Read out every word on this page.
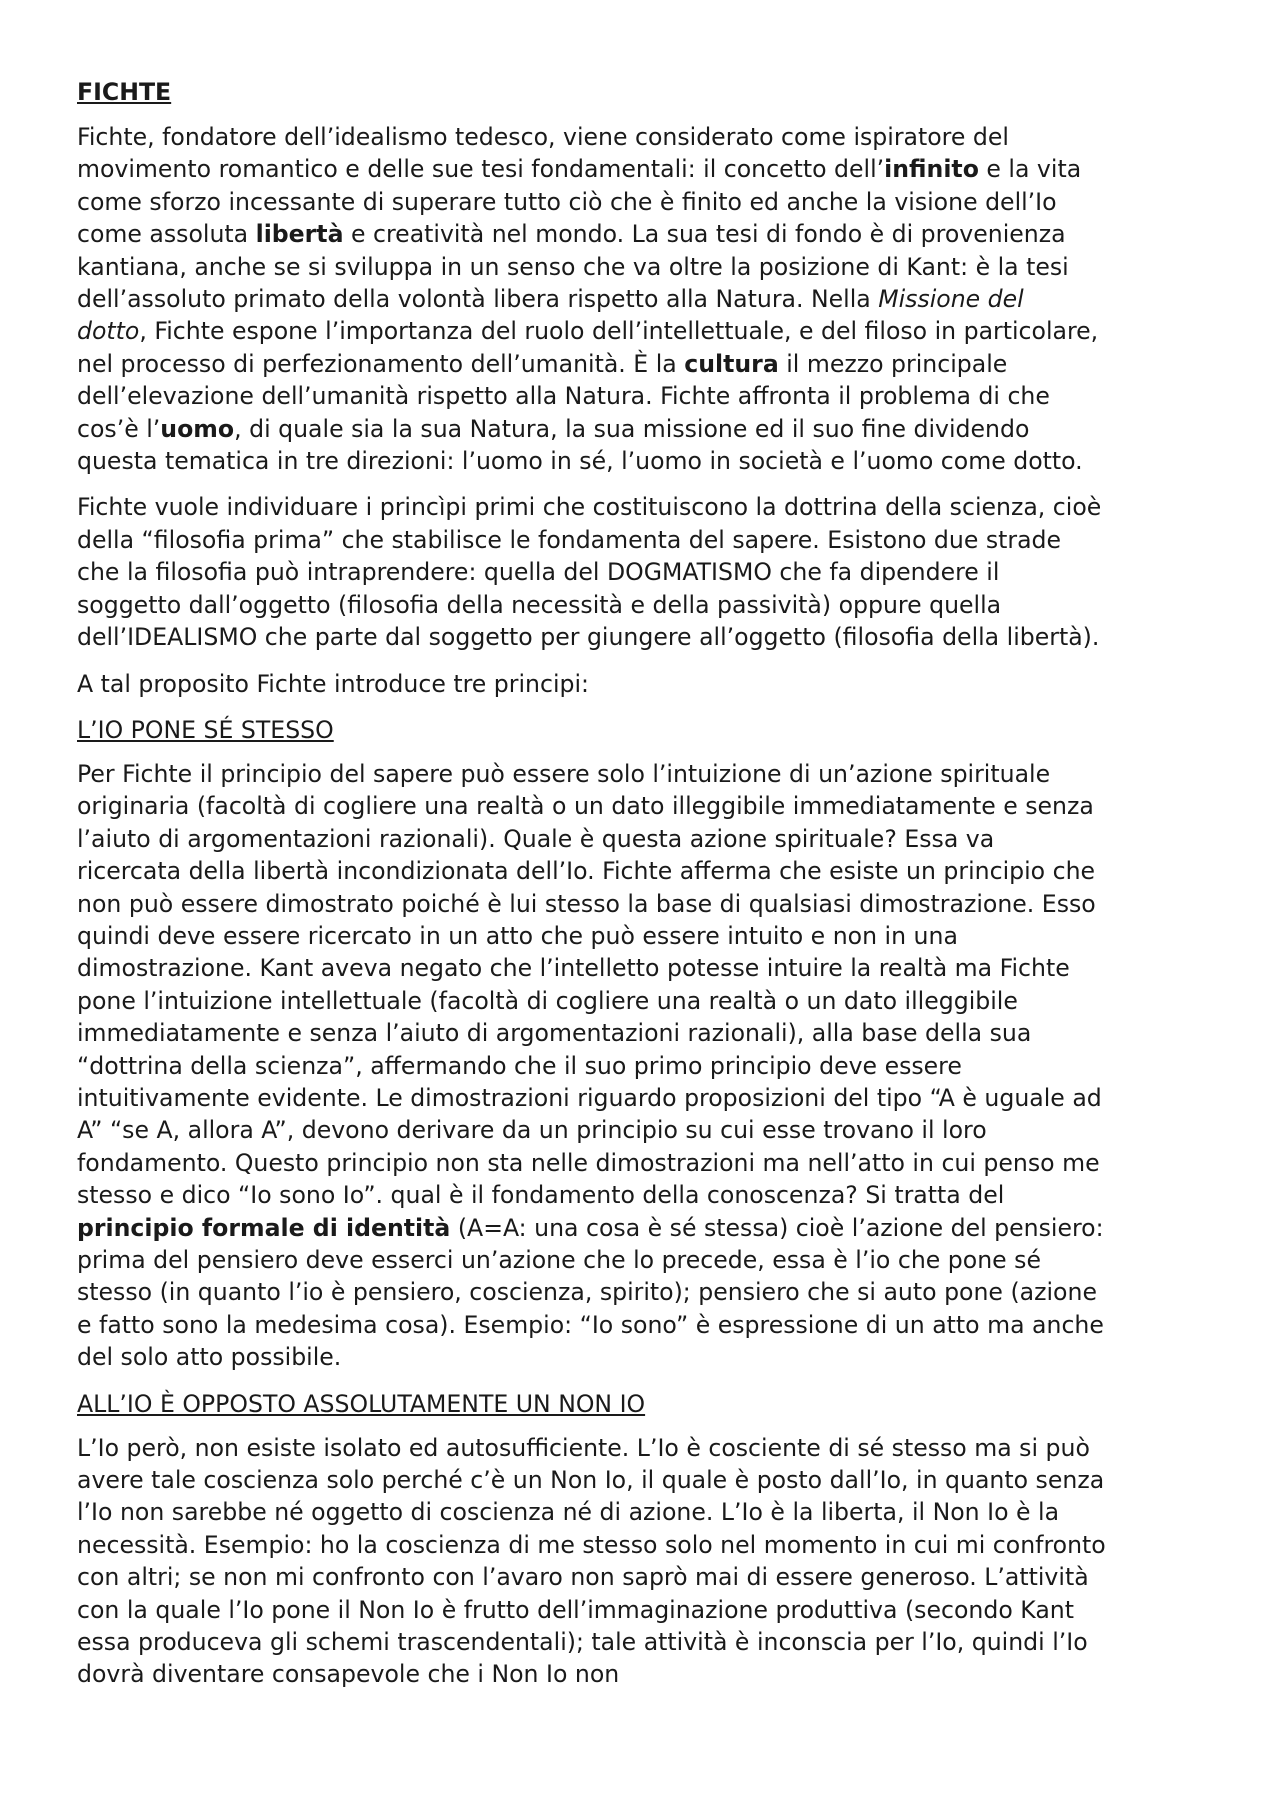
FICHTE
Fichte, fondatore dell’idealismo tedesco, viene considerato come ispiratore del
movimento romantico e delle sue tesi fondamentali: il concetto dell’infinito e la vita
come sforzo incessante di superare tutto ciò che è finito ed anche la visione dell’Io
come assoluta libertà e creatività nel mondo. La sua tesi di fondo è di provenienza
kantiana, anche se si sviluppa in un senso che va oltre la posizione di Kant: è la tesi
dell’assoluto primato della volontà libera rispetto alla Natura. Nella Missione del
dotto, Fichte espone l’importanza del ruolo dell’intellettuale, e del filoso in particolare,
nel processo di perfezionamento dell’umanità. È la cultura il mezzo principale
dell’elevazione dell’umanità rispetto alla Natura. Fichte affronta il problema di che
cos’è l’uomo, di quale sia la sua Natura, la sua missione ed il suo fine dividendo
questa tematica in tre direzioni: l’uomo in sé, l’uomo in società e l’uomo come dotto.
Fichte vuole individuare i princìpi primi che costituiscono la dottrina della scienza, cioè
della “filosofia prima” che stabilisce le fondamenta del sapere. Esistono due strade
che la filosofia può intraprendere: quella del DOGMATISMO che fa dipendere il
soggetto dall’oggetto (filosofia della necessità e della passività) oppure quella
dell’IDEALISMO che parte dal soggetto per giungere all’oggetto (filosofia della libertà).
A tal proposito Fichte introduce tre principi:
L’IO PONE SÉ STESSO
Per Fichte il principio del sapere può essere solo l’intuizione di un’azione spirituale
originaria (facoltà di cogliere una realtà o un dato illeggibile immediatamente e senza
l’aiuto di argomentazioni razionali). Quale è questa azione spirituale? Essa va
ricercata della libertà incondizionata dell’Io. Fichte afferma che esiste un principio che
non può essere dimostrato poiché è lui stesso la base di qualsiasi dimostrazione. Esso
quindi deve essere ricercato in un atto che può essere intuito e non in una
dimostrazione. Kant aveva negato che l’intelletto potesse intuire la realtà ma Fichte
pone l’intuizione intellettuale (facoltà di cogliere una realtà o un dato illeggibile
immediatamente e senza l’aiuto di argomentazioni razionali), alla base della sua
“dottrina della scienza”, affermando che il suo primo principio deve essere
intuitivamente evidente. Le dimostrazioni riguardo proposizioni del tipo “A è uguale ad
A” “se A, allora A”, devono derivare da un principio su cui esse trovano il loro
fondamento. Questo principio non sta nelle dimostrazioni ma nell’atto in cui penso me
stesso e dico “Io sono Io”. qual è il fondamento della conoscenza? Si tratta del
principio formale di identità (A=A: una cosa è sé stessa) cioè l’azione del pensiero:
prima del pensiero deve esserci un’azione che lo precede, essa è l’io che pone sé
stesso (in quanto l’io è pensiero, coscienza, spirito); pensiero che si auto pone (azione
e fatto sono la medesima cosa). Esempio: “Io sono” è espressione di un atto ma anche
del solo atto possibile.
ALL’IO È OPPOSTO ASSOLUTAMENTE UN NON IO
L’Io però, non esiste isolato ed autosufficiente. L’Io è cosciente di sé stesso ma si può
avere tale coscienza solo perché c’è un Non Io, il quale è posto dall’Io, in quanto senza
l’Io non sarebbe né oggetto di coscienza né di azione. L’Io è la liberta, il Non Io è la
necessità. Esempio: ho la coscienza di me stesso solo nel momento in cui mi confronto
con altri; se non mi confronto con l’avaro non saprò mai di essere generoso. L’attività
con la quale l’Io pone il Non Io è frutto dell’immaginazione produttiva (secondo Kant
essa produceva gli schemi trascendentali); tale attività è inconscia per l’Io, quindi l’Io
dovrà diventare consapevole che i Non Io non
